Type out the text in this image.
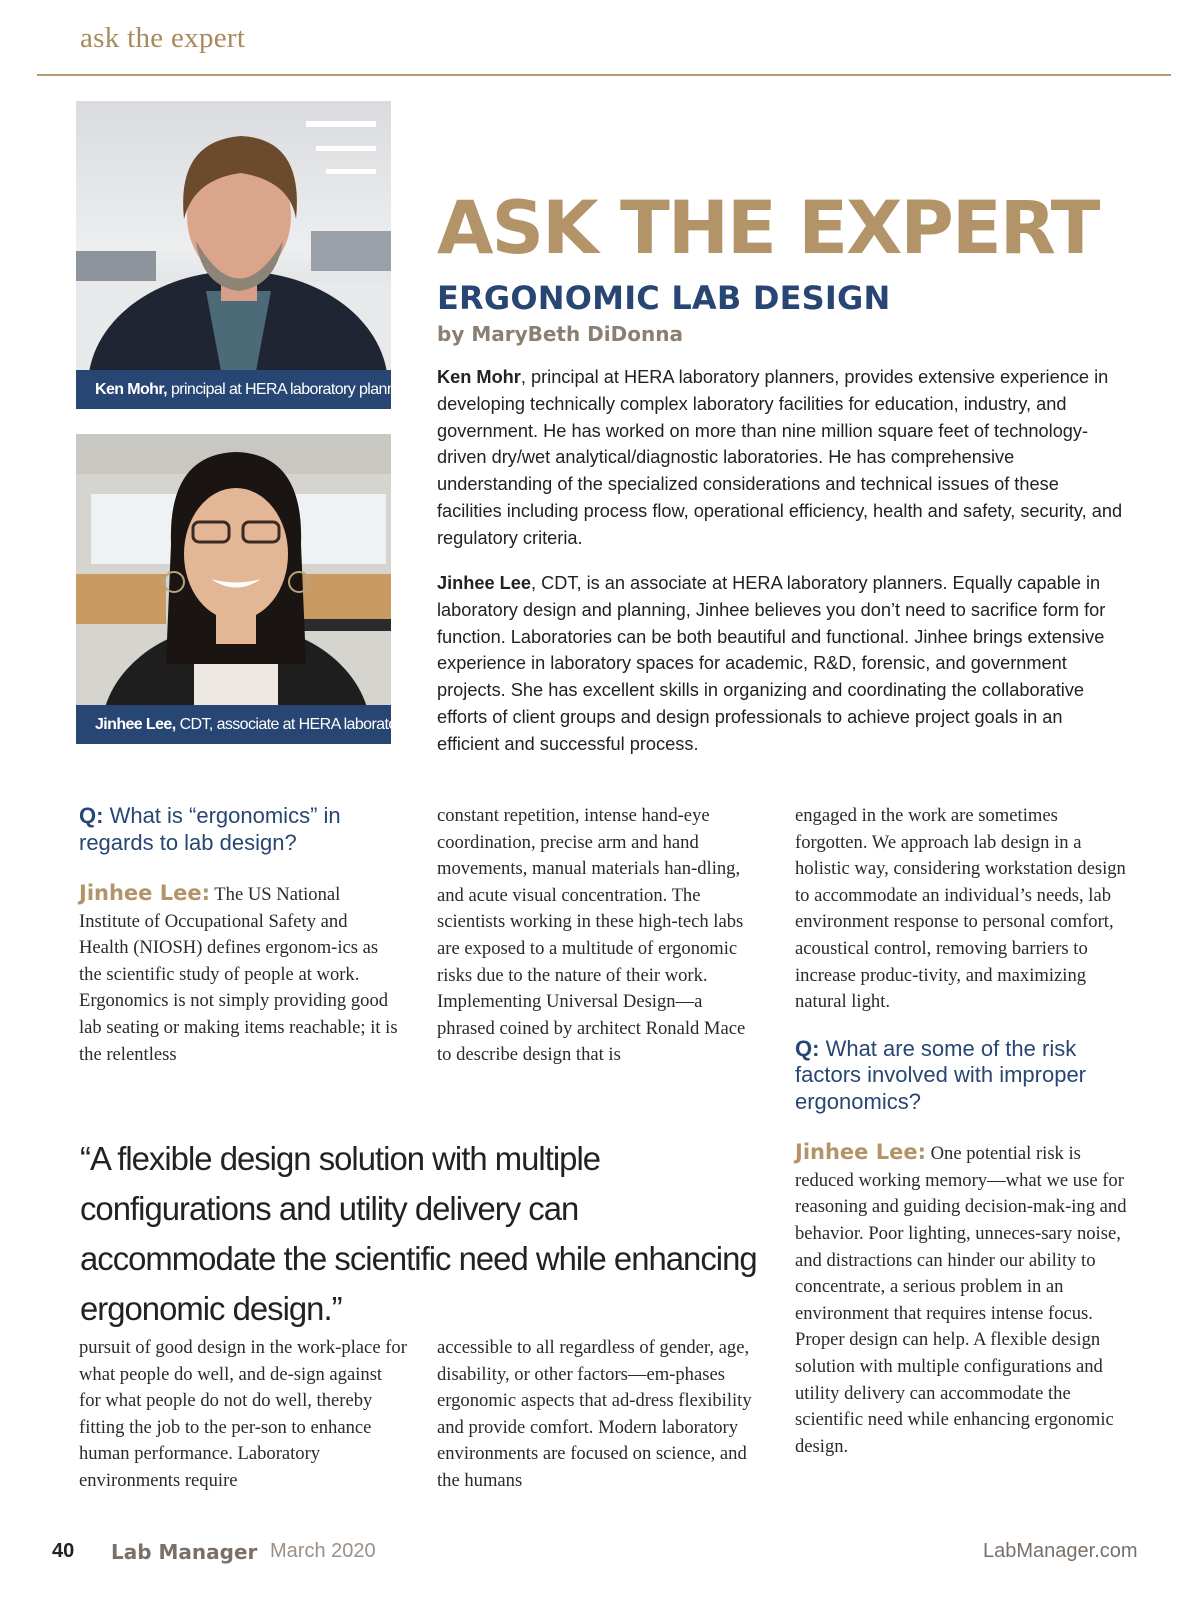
ask the expert
Ken Mohr, principal at HERA laboratory planners
Jinhee Lee, CDT, associate at HERA laboratory planners
ASK THE EXPERT
ERGONOMIC LAB DESIGN
by MaryBeth DiDonna
Ken Mohr, principal at HERA laboratory planners, provides extensive experience in developing technically complex laboratory facilities for education, industry, and government. He has worked on more than nine million square feet of technology-driven dry/wet analytical/diagnostic laboratories. He has comprehensive understanding of the specialized considerations and technical issues of these facilities including process flow, operational efficiency, health and safety, security, and regulatory criteria.
Jinhee Lee, CDT, is an associate at HERA laboratory planners. Equally capable in laboratory design and planning, Jinhee believes you don’t need to sacrifice form for function. Laboratories can be both beautiful and functional. Jinhee brings extensive experience in laboratory spaces for academic, R&D, forensic, and government projects. She has excellent skills in organizing and coordinating the collaborative efforts of client groups and design professionals to achieve project goals in an efficient and successful process.
Q: What is “ergonomics” in regards to lab design?
Jinhee Lee: The US National Institute of Occupational Safety and Health (NIOSH) defines ergonom-ics as the scientific study of people at work. Ergonomics is not simply providing good lab seating or making items reachable; it is the relentless
constant repetition, intense hand-eye coordination, precise arm and hand movements, manual materials han-dling, and acute visual concentration. The scientists working in these high-tech labs are exposed to a multitude of ergonomic risks due to the nature of their work. Implementing Universal Design—a phrased coined by architect Ronald Mace to describe design that is
engaged in the work are sometimes forgotten. We approach lab design in a holistic way, considering workstation design to accommodate an individual’s needs, lab environment response to personal comfort, acoustical control, removing barriers to increase produc-tivity, and maximizing natural light.
Q: What are some of the risk factors involved with improper ergonomics?
Jinhee Lee: One potential risk is reduced working memory—what we use for reasoning and guiding decision-mak-ing and behavior. Poor lighting, unneces-sary noise, and distractions can hinder our ability to concentrate, a serious problem in an environment that requires intense focus. Proper design can help. A flexible design solution with multiple configurations and utility delivery can accommodate the scientific need while enhancing ergonomic design.
“A flexible design solution with multiple configurations and utility delivery can accommodate the scientific need while enhancing ergonomic design.”
pursuit of good design in the work-place for what people do well, and de-sign against for what people do not do well, thereby fitting the job to the per-son to enhance human performance. Laboratory environments require
accessible to all regardless of gender, age, disability, or other factors—em-phases ergonomic aspects that ad-dress flexibility and provide comfort. Modern laboratory environments are focused on science, and the humans
40 Lab Manager March 2020	LabManager.com
